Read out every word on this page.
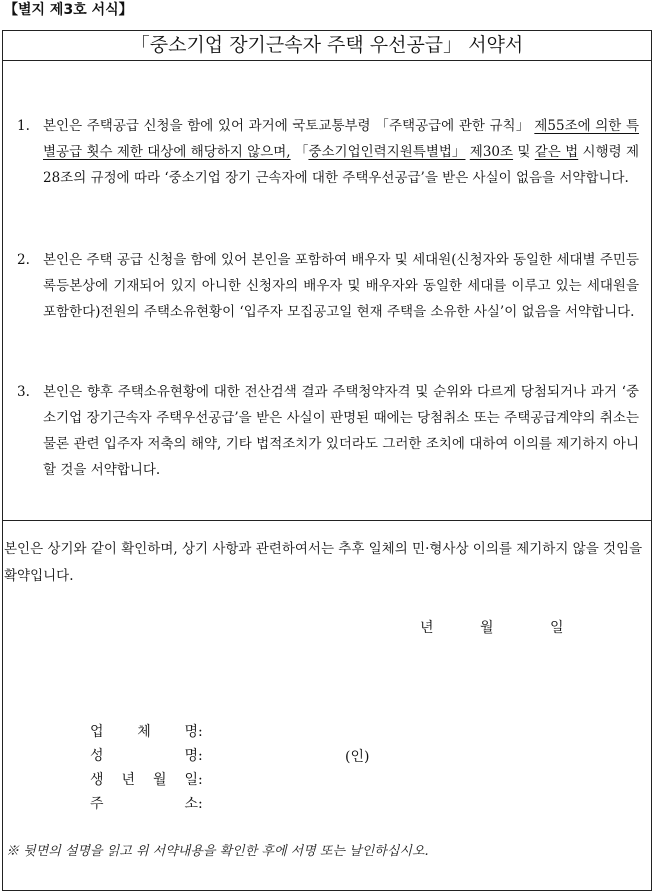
【별지 제3호 서식】
「중소기업 장기근속자 주택 우선공급」 서약서
1. 본인은 주택공급 신청을 함에 있어 과거에 국토교통부령 「주택공급에 관한 규칙」 제55조에 의한 특별공급 횟수 제한 대상에 해당하지 않으며, 「중소기업인력지원특별법」 제30조 및 같은 법 시행령 제28조의 규정에 따라 ‘중소기업 장기 근속자에 대한 주택우선공급’을 받은 사실이 없음을 서약합니다.
2. 본인은 주택 공급 신청을 함에 있어 본인을 포함하여 배우자 및 세대원(신청자와 동일한 세대별 주민등록등본상에 기재되어 있지 아니한 신청자의 배우자 및 배우자와 동일한 세대를 이루고 있는 세대원을 포함한다)전원의 주택소유현황이 ‘입주자 모집공고일 현재 주택을 소유한 사실’이 없음을 서약합니다.
3. 본인은 향후 주택소유현황에 대한 전산검색 결과 주택청약자격 및 순위와 다르게 당첨되거나 과거 ‘중소기업 장기근속자 주택우선공급’을 받은 사실이 판명된 때에는 당첨취소 또는 주택공급계약의 취소는 물론 관련 입주자 저축의 해약, 기타 법적조치가 있더라도 그러한 조치에 대하여 이의를 제기하지 아니할 것을 서약합니다.
본인은 상기와 같이 확인하며, 상기 사항과 관련하여서는 추후 일체의 민·형사상 이의를 제기하지 않을 것임을 확약입니다.
년	월	일
업 체 명:
성 명:	(인)
생 년 월 일:
주 소:
※ 뒷면의 설명을 읽고 위 서약내용을 확인한 후에 서명 또는 날인하십시오.
